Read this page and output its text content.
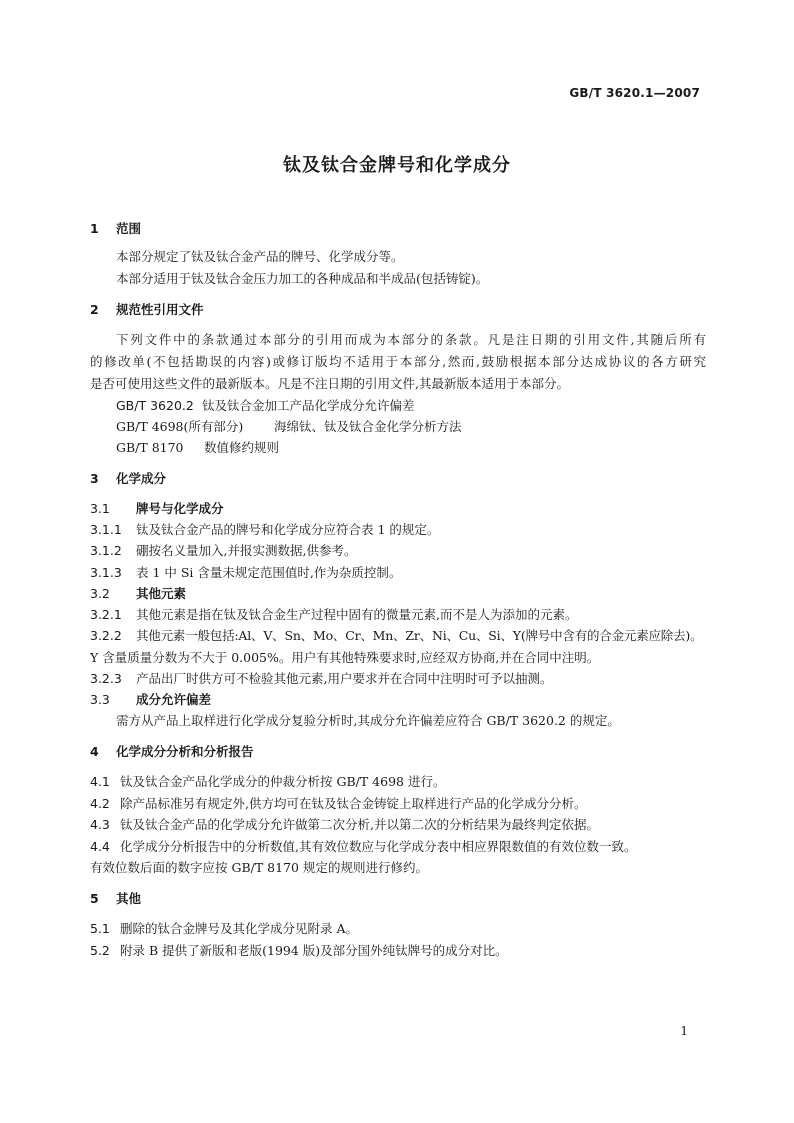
GB/T 3620.1—2007
钛及钛合金牌号和化学成分
1 范围
本部分规定了钛及钛合金产品的牌号、化学成分等。
本部分适用于钛及钛合金压力加工的各种成品和半成品(包括铸锭)。
2 规范性引用文件
下列文件中的条款通过本部分的引用而成为本部分的条款。凡是注日期的引用文件,其随后所有
的修改单(不包括勘误的内容)或修订版均不适用于本部分,然而,鼓励根据本部分达成协议的各方研究
是否可使用这些文件的最新版本。凡是不注日期的引用文件,其最新版本适用于本部分。
GB/T 3620.2 钛及钛合金加工产品化学成分允许偏差
GB/T 4698(所有部分) 海绵钛、钛及钛合金化学分析方法
GB/T 8170 数值修约规则
3 化学成分
3.1 牌号与化学成分
3.1.1 钛及钛合金产品的牌号和化学成分应符合表 1 的规定。
3.1.2 硼按名义量加入,并报实测数据,供参考。
3.1.3 表 1 中 Si 含量未规定范围值时,作为杂质控制。
3.2 其他元素
3.2.1 其他元素是指在钛及钛合金生产过程中固有的微量元素,而不是人为添加的元素。
3.2.2 其他元素一般包括:Al、V、Sn、Mo、Cr、Mn、Zr、Ni、Cu、Si、Y(牌号中含有的合金元素应除去)。
Y 含量质量分数为不大于 0.005%。用户有其他特殊要求时,应经双方协商,并在合同中注明。
3.2.3 产品出厂时供方可不检验其他元素,用户要求并在合同中注明时可予以抽测。
3.3 成分允许偏差
需方从产品上取样进行化学成分复验分析时,其成分允许偏差应符合 GB/T 3620.2 的规定。
4 化学成分分析和分析报告
4.1 钛及钛合金产品化学成分的仲裁分析按 GB/T 4698 进行。
4.2 除产品标准另有规定外,供方均可在钛及钛合金铸锭上取样进行产品的化学成分分析。
4.3 钛及钛合金产品的化学成分允许做第二次分析,并以第二次的分析结果为最终判定依据。
4.4 化学成分分析报告中的分析数值,其有效位数应与化学成分表中相应界限数值的有效位数一致。
有效位数后面的数字应按 GB/T 8170 规定的规则进行修约。
5 其他
5.1 删除的钛合金牌号及其化学成分见附录 A。
5.2 附录 B 提供了新版和老版(1994 版)及部分国外纯钛牌号的成分对比。
1
